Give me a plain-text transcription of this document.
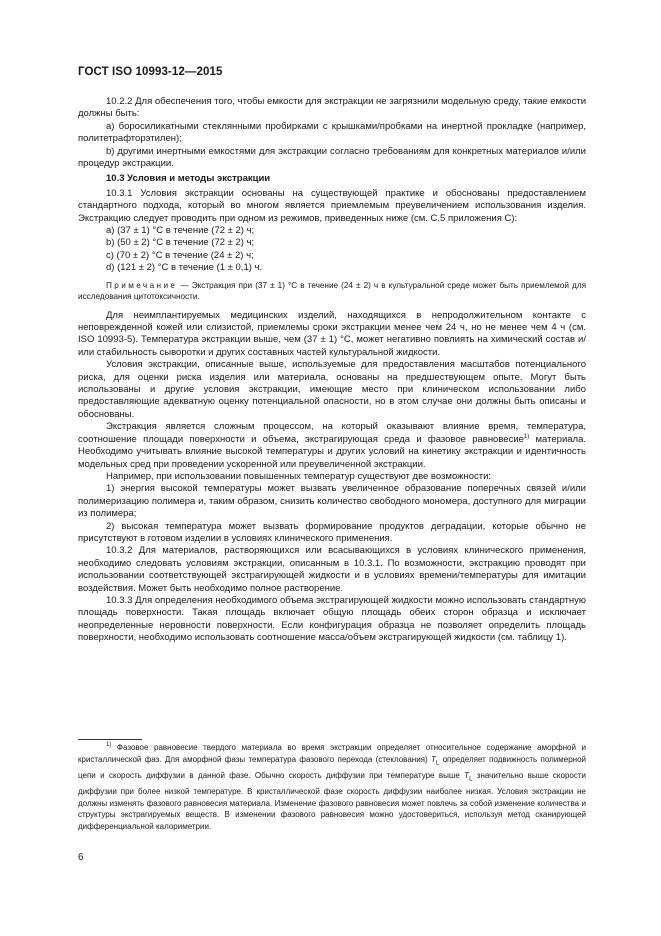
ГОСТ ISO 10993-12—2015

10.2.2 Для обеспечения того, чтобы емкости для экстракции не загрязнили модельную среду, такие емкости должны быть:

a) боросиликатными стеклянными пробирками с крышками/пробками на инертной прокладке (например, политетрафторэтилен);

b) другими инертными емкостями для экстракции согласно требованиям для конкретных материалов и/или процедур экстракции.

10.3 Условия и методы экстракции

10.3.1 Условия экстракции основаны на существующей практике и обоснованы предоставлением стандартного подхода, который во многом является приемлемым преувеличением использования изделия. Экстракцию следует проводить при одном из режимов, приведенных ниже (см. С.5 приложения С):

a) (37 ± 1) °С в течение (72 ± 2) ч;
b) (50 ± 2) °С в течение (72 ± 2) ч;
c) (70 ± 2) °С в течение (24 ± 2) ч;
d) (121 ± 2) °С в течение (1 ± 0,1) ч.

Примечание — Экстракция при (37 ± 1) °С в течение (24 ± 2) ч в культуральной среде может быть приемлемой для исследования цитотоксичности.

Для неимплантируемых медицинских изделий, находящихся в непродолжительном контакте с неповрежденной кожей или слизистой, приемлемы сроки экстракции менее чем 24 ч, но не менее чем 4 ч (см. ISO 10993-5). Температура экстракции выше, чем (37 ± 1) °С, может негативно повлиять на химический состав и/или стабильность сыворотки и других составных частей культуральной жидкости.

Условия экстракции, описанные выше, используемые для предоставления масштабов потенциального риска, для оценки риска изделия или материала, основаны на предшествующем опыте. Могут быть использованы и другие условия экстракции, имеющие место при клиническом использовании либо предоставляющие адекватную оценку потенциальной опасности, но в этом случае они должны быть описаны и обоснованы.

Экстракция является сложным процессом, на который оказывают влияние время, температура, соотношение площади поверхности и объема, экстрагирующая среда и фазовое равновесие$^{1)}$ материала. Необходимо учитывать влияние высокой температуры и других условий на кинетику экстракции и идентичность модельных сред при проведении ускоренной или преувеличенной экстракции.

Например, при использовании повышенных температур существуют две возможности:

1) энергия высокой температуры может вызвать увеличенное образование поперечных связей и/или полимеризацию полимера и, таким образом, снизить количество свободного мономера, доступного для миграции из полимера;

2) высокая температура может вызвать формирование продуктов деградации, которые обычно не присутствуют в готовом изделии в условиях клинического применения.

10.3.2 Для материалов, растворяющихся или всасывающихся в условиях клинического применения, необходимо следовать условиям экстракции, описанным в 10.3.1. По возможности, экстракцию проводят при использовании соответствующей экстрагирующей жидкости и в условиях времени/температуры для имитации воздействия. Может быть необходимо полное растворение.

10.3.3 Для определения необходимого объема экстрагирующей жидкости можно использовать стандартную площадь поверхности. Такая площадь включает общую площадь обеих сторон образца и исключает неопределенные неровности поверхности. Если конфигурация образца не позволяет определить площадь поверхности, необходимо использовать соотношение масса/объем экстрагирующей жидкости (см. таблицу 1).

$^{1)}$ Фазовое равновесие твердого материала во время экстракции определяет относительное содержание аморфной и кристаллической фаз. Для аморфной фазы температура фазового перехода (стеклования) $T_L$ определяет подвижность полимерной цепи и скорость диффузии в данной фазе. Обычно скорость диффузии при температуре выше $T_L$ значительно выше скорости диффузии при более низкой температуре. В кристаллической фазе скорость диффузии наиболее низкая. Условия экстракции не должны изменять фазового равновесия материала. Изменение фазового равновесия может повлечь за собой изменение количества и структуры экстрагируемых веществ. В изменении фазового равновесия можно удостовериться, используя метод сканирующей дифференциальной калориметрии.

6
